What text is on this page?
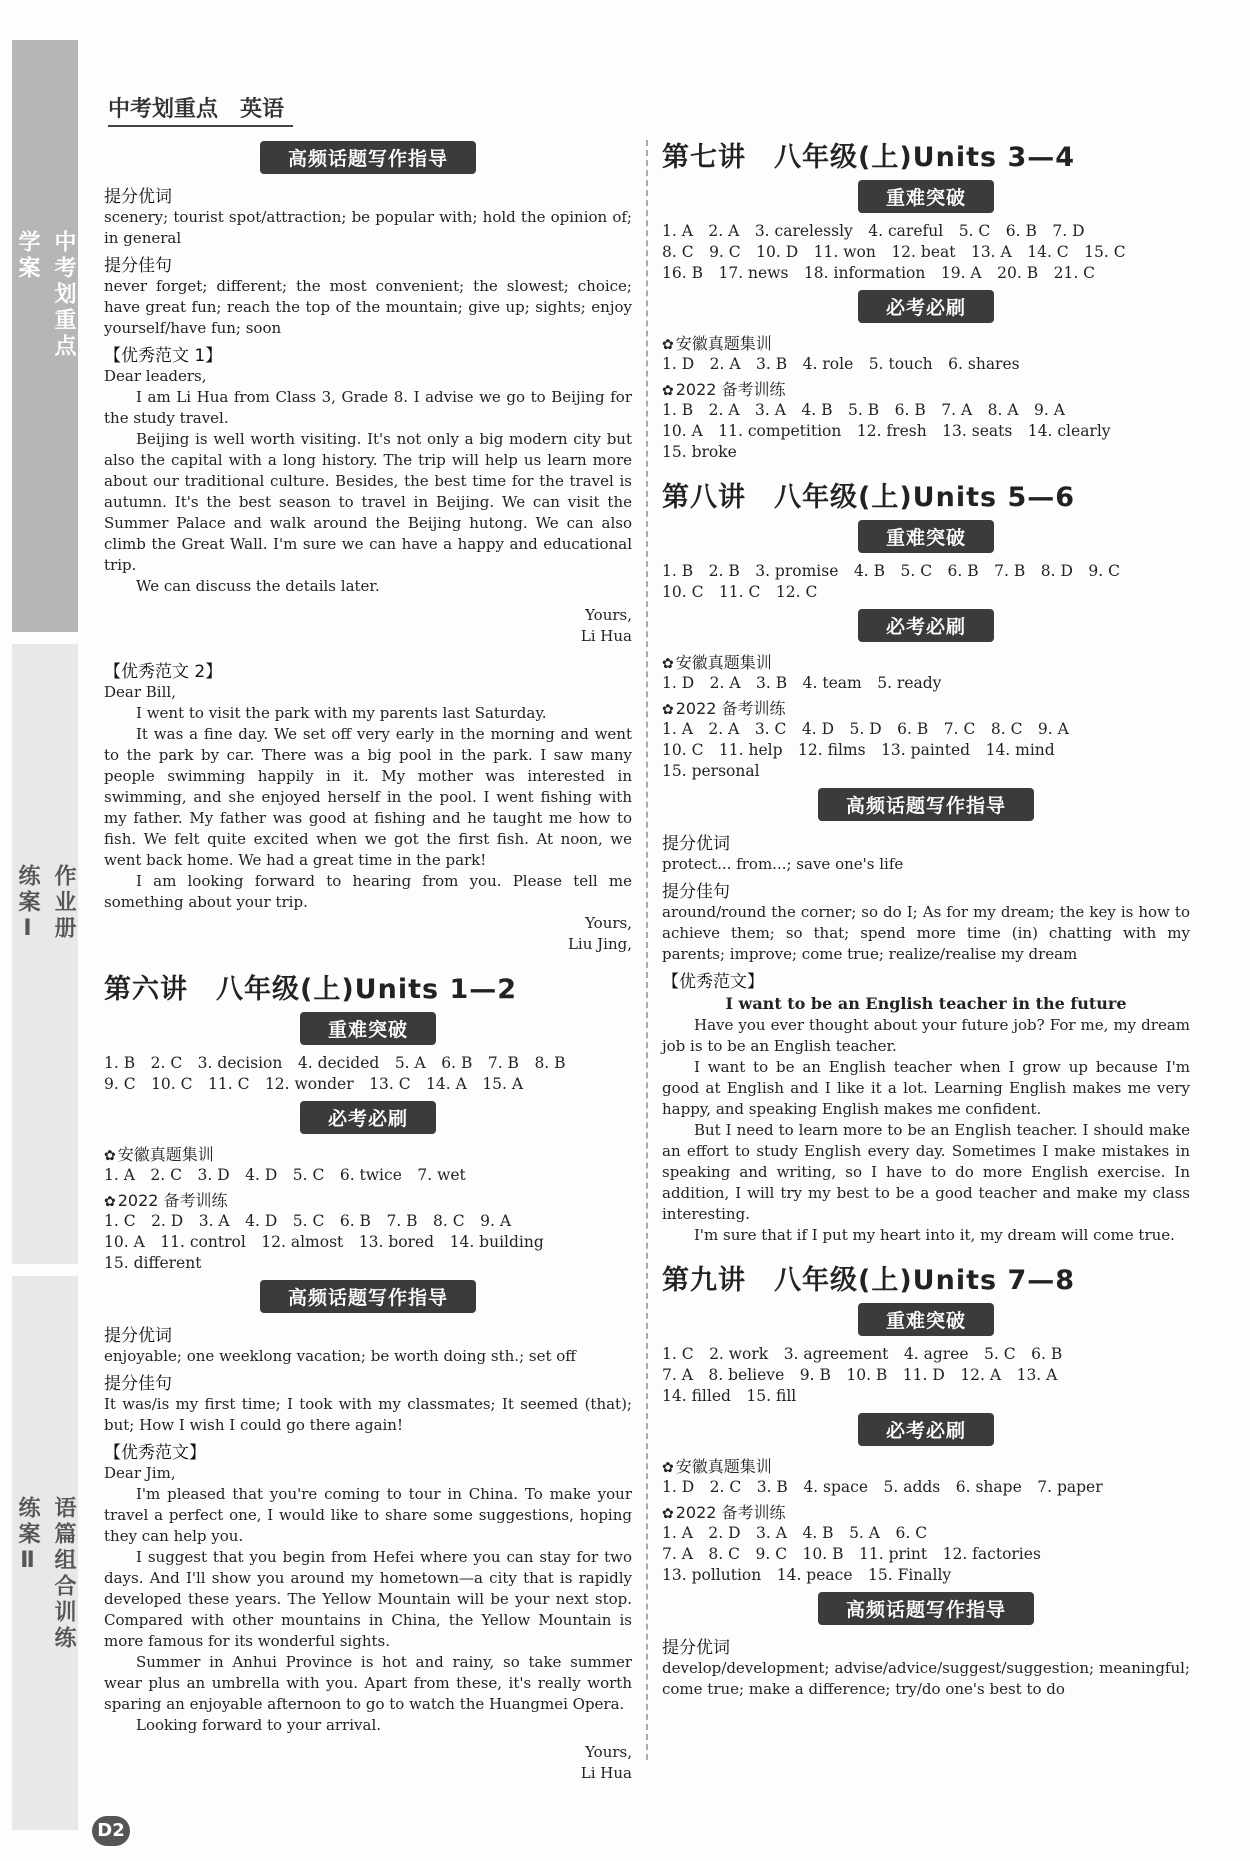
学案 中考划重点
练案Ⅰ 作业册
练案Ⅱ 语篇组合训练
中考划重点　英语
高频话题写作指导

提分优词

scenery; tourist spot/attraction; be popular with; hold the opinion of; in general

提分佳句

never forget; different; the most convenient; the slowest; choice; have great fun; reach the top of the mountain; give up; sights; enjoy yourself/have fun; soon

【优秀范文 1】

Dear leaders,

I am Li Hua from Class 3, Grade 8. I advise we go to Beijing for the study travel.

Beijing is well worth visiting. It's not only a big modern city but also the capital with a long history. The trip will help us learn more about our traditional culture. Besides, the best time for the travel is autumn. It's the best season to travel in Beijing. We can visit the Summer Palace and walk around the Beijing hutong. We can also climb the Great Wall. I'm sure we can have a happy and educational trip.

We can discuss the details later.

Yours,

Li Hua

【优秀范文 2】

Dear Bill,

I went to visit the park with my parents last Saturday.

It was a fine day. We set off very early in the morning and went to the park by car. There was a big pool in the park. I saw many people swimming happily in it. My mother was interested in swimming, and she enjoyed herself in the pool. I went fishing with my father. My father was good at fishing and he taught me how to fish. We felt quite excited when we got the first fish. At noon, we went back home. We had a great time in the park!

I am looking forward to hearing from you. Please tell me something about your trip.

Yours,

Liu Jing,

第六讲　八年级(上)Units 1—2
重难突破

1. B　2. C　3. decision　4. decided　5. A　6. B　7. B　8. B

9. C　10. C　11. C　12. wonder　13. C　14. A　15. A

必考必刷

✿ 安徽真题集训

1. A　2. C　3. D　4. D　5. C　6. twice　7. wet

✿ 2022 备考训练

1. C　2. D　3. A　4. D　5. C　6. B　7. B　8. C　9. A

10. A　11. control　12. almost　13. bored　14. building

15. different

高频话题写作指导

提分优词

enjoyable; one weeklong vacation; be worth doing sth.; set off

提分佳句

It was/is my first time; I took with my classmates; It seemed (that); but; How I wish I could go there again!

【优秀范文】

Dear Jim,

I'm pleased that you're coming to tour in China. To make your travel a perfect one, I would like to share some suggestions, hoping they can help you.

I suggest that you begin from Hefei where you can stay for two days. And I'll show you around my hometown—a city that is rapidly developed these years. The Yellow Mountain will be your next stop. Compared with other mountains in China, the Yellow Mountain is more famous for its wonderful sights.

Summer in Anhui Province is hot and rainy, so take summer wear plus an umbrella with you. Apart from these, it's really worth sparing an enjoyable afternoon to go to watch the Huangmei Opera.

Looking forward to your arrival.

Yours,

Li Hua

第七讲　八年级(上)Units 3—4
重难突破

1. A　2. A　3. carelessly　4. careful　5. C　6. B　7. D

8. C　9. C　10. D　11. won　12. beat　13. A　14. C　15. C

16. B　17. news　18. information　19. A　20. B　21. C

必考必刷

✿ 安徽真题集训

1. D　2. A　3. B　4. role　5. touch　6. shares

✿ 2022 备考训练

1. B　2. A　3. A　4. B　5. B　6. B　7. A　8. A　9. A

10. A　11. competition　12. fresh　13. seats　14. clearly

15. broke

第八讲　八年级(上)Units 5—6
重难突破

1. B　2. B　3. promise　4. B　5. C　6. B　7. B　8. D　9. C

10. C　11. C　12. C

必考必刷

✿ 安徽真题集训

1. D　2. A　3. B　4. team　5. ready

✿ 2022 备考训练

1. A　2. A　3. C　4. D　5. D　6. B　7. C　8. C　9. A

10. C　11. help　12. films　13. painted　14. mind

15. personal

高频话题写作指导

提分优词

protect... from...; save one's life

提分佳句

around/round the corner; so do I; As for my dream; the key is how to achieve them; so that; spend more time (in) chatting with my parents; improve; come true; realize/realise my dream

【优秀范文】

I want to be an English teacher in the future

Have you ever thought about your future job? For me, my dream job is to be an English teacher.

I want to be an English teacher when I grow up because I'm good at English and I like it a lot. Learning English makes me very happy, and speaking English makes me confident.

But I need to learn more to be an English teacher. I should make an effort to study English every day. Sometimes I make mistakes in speaking and writing, so I have to do more English exercise. In addition, I will try my best to be a good teacher and make my class interesting.

I'm sure that if I put my heart into it, my dream will come true.

第九讲　八年级(上)Units 7—8
重难突破

1. C　2. work　3. agreement　4. agree　5. C　6. B

7. A　8. believe　9. B　10. B　11. D　12. A　13. A

14. filled　15. fill

必考必刷

✿ 安徽真题集训

1. D　2. C　3. B　4. space　5. adds　6. shape　7. paper

✿ 2022 备考训练

1. A　2. D　3. A　4. B　5. A　6. C

7. A　8. C　9. C　10. B　11. print　12. factories

13. pollution　14. peace　15. Finally

高频话题写作指导

提分优词

develop/development; advise/advice/suggest/suggestion; meaningful; come true; make a difference; try/do one's best to do

D2
